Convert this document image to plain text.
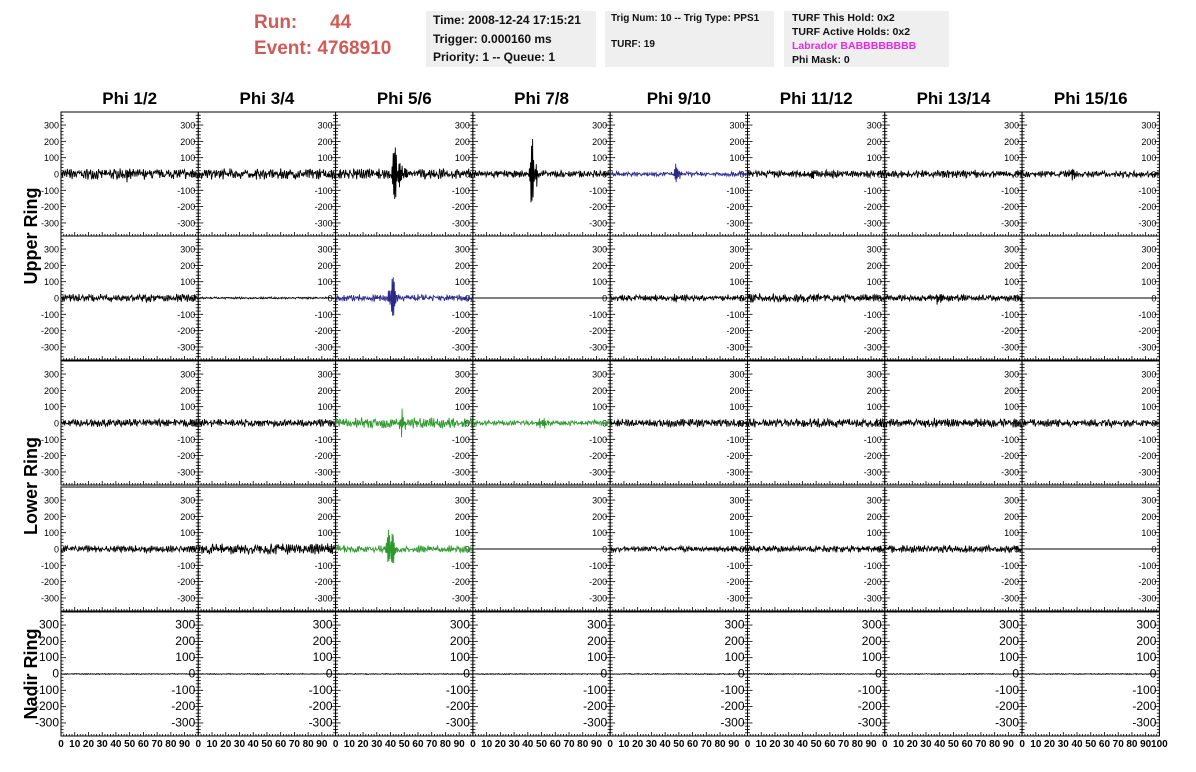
Run: 44
Event: 4768910
Time: 2008-12-24 17:15:21
Trigger: 0.000160 ms
Priority: 1 -- Queue: 1
Trig Num: 10 -- Trig Type: PPS1
TURF: 19
TURF This Hold: 0x2
TURF Active Holds: 0x2
Labrador BABBBBBBBB
Phi Mask: 0
Phi 1/2	Phi 3/4	Phi 5/6	Phi 7/8	Phi 9/10	Phi 11/12	Phi 13/14	Phi 15/16
Upper Ring
Lower Ring
Nadir Ring
300	300
200	200
100	100
0	0
-100	-100
-200	-200
-300	-300
300
200
100
0
-100
-200
-300
300
200
100
0
-100
-200
-300
300
200
100
0
-100
-200
-300
300
200
100
0
-100
-200
-300
300
200
100
0
-100
-200
-300
300
200
100
0
-100
-200
-300
300
200
100
0
-100
-200
-300
300	300
200	200
100	100
0	0
-100	-100
-200	-200
-300	-300
300
200
100
0
-100
-200
-300
300
200
100
0
-100
-200
-300
300
200
100
0
-100
-200
-300
300
200
100
0
-100
-200
-300
300
200
100
0
-100
-200
-300
300
200
100
0
-100
-200
-300
300
200
100
0
-100
-200
-300
300	300
200	200
100	100
0	0
-100	-100
-200	-200
-300	-300
300
200
100
0
-100
-200
-300
300
200
100
0
-100
-200
-300
300
200
100
0
-100
-200
-300
300
200
100
0
-100
-200
-300
300
200
100
0
-100
-200
-300
300
200
100
0
-100
-200
-300
300
200
100
0
-100
-200
-300
300	300
200	200
100	100
0	0
-100	-100
-200	-200
-300	-300
300
200
100
0
-100
-200
-300
300
200
100
0
-100
-200
-300
300
200
100
0
-100
-200
-300
300
200
100
0
-100
-200
-300
300
200
100
0
-100
-200
-300
300
200
100
0
-100
-200
-300
300
200
100
0
-100
-200
-300
300	300
200	200
100	100
0	0
-100	-100
-200	-200
-300	-300
300
200
100
0
-100
-200
-300
300
200
100
0
-100
-200
-300
300
200
100
0
-100
-200
-300
300
200
100
0
-100
-200
-300
300
200
100
0
-100
-200
-300
300
200
100
0
-100
-200
-300
300
200
100
0
-100
-200
-300
0 10 20 30 40 50 60 70 80 90 0 10 20 30 40 50 60 70 80 90 0 10 20 30 40 50 60 70 80 90 0 10 20 30 40 50 60 70 80 90 0 10 20 30 40 50 60 70 80 90 0 10 20 30 40 50 60 70 80 90 0 10 20 30 40 50 60 70 80 90 0 10 20 30 40 50 60 70 80 90 100
